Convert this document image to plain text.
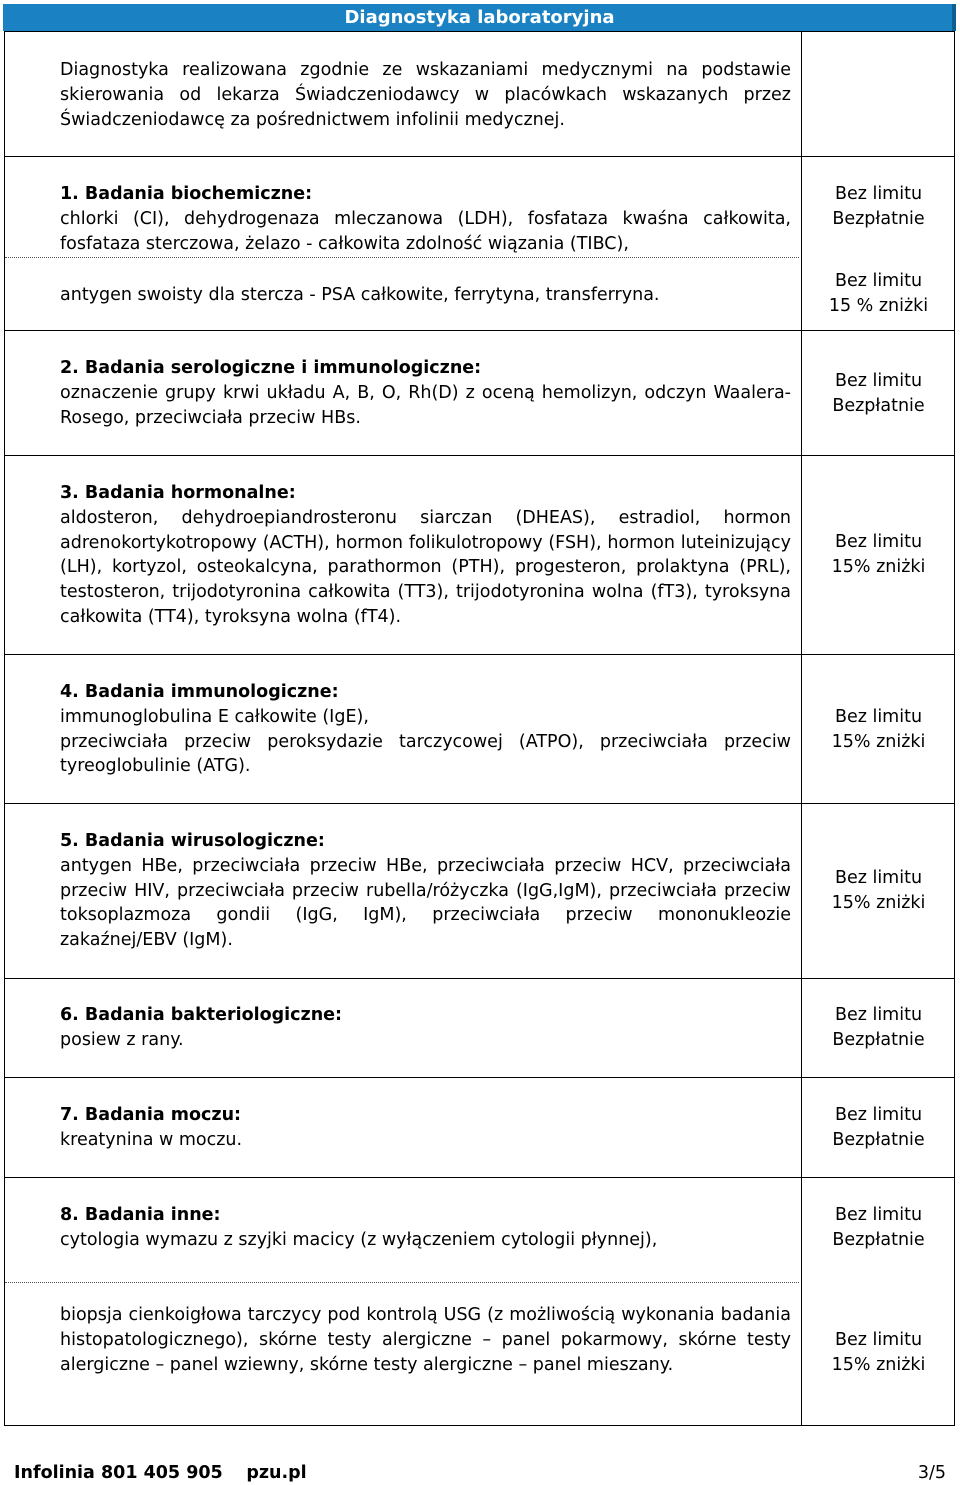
Diagnostyka laboratoryjna
Diagnostyka realizowana zgodnie ze wskazaniami medycznymi na podstawie skierowania od lekarza Świadczeniodawcy w placówkach wskazanych przez Świadczeniodawcę za pośrednictwem infolinii medycznej.
1. Badania biochemiczne:
chlorki (CI), dehydrogenaza mleczanowa (LDH), fosfataza kwaśna całkowita, fosfataza sterczowa, żelazo - całkowita zdolność wiązania (TIBC),
Bez limitu
Bezpłatnie
antygen swoisty dla stercza - PSA całkowite, ferrytyna, transferryna.
Bez limitu
15 % zniżki
2. Badania serologiczne i immunologiczne:
oznaczenie grupy krwi układu A, B, O, Rh(D) z oceną hemolizyn, odczyn Waalera-Rosego, przeciwciała przeciw HBs.
Bez limitu
Bezpłatnie
3. Badania hormonalne:
aldosteron, dehydroepiandrosteronu siarczan (DHEAS), estradiol, hormon adrenokortykotropowy (ACTH), hormon folikulotropowy (FSH), hormon luteinizujący (LH), kortyzol, osteokalcyna, parathormon (PTH), progesteron, prolaktyna (PRL), testosteron, trijodotyronina całkowita (TT3), trijodotyronina wolna (fT3), tyroksyna całkowita (TT4), tyroksyna wolna (fT4).
Bez limitu
15% zniżki
4. Badania immunologiczne:
immunoglobulina E całkowite (IgE),
przeciwciała przeciw peroksydazie tarczycowej (ATPO), przeciwciała przeciw tyreoglobulinie (ATG).
Bez limitu
15% zniżki
5. Badania wirusologiczne:
antygen HBe, przeciwciała przeciw HBe, przeciwciała przeciw HCV, przeciwciała przeciw HIV, przeciwciała przeciw rubella/różyczka (IgG,IgM), przeciwciała przeciw toksoplazmoza gondii (IgG, IgM), przeciwciała przeciw mononukleozie zakaźnej/EBV (IgM).
Bez limitu
15% zniżki
6. Badania bakteriologiczne:
posiew z rany.
Bez limitu
Bezpłatnie
7. Badania moczu:
kreatynina w moczu.
Bez limitu
Bezpłatnie
8. Badania inne:
cytologia wymazu z szyjki macicy (z wyłączeniem cytologii płynnej),
Bez limitu
Bezpłatnie
biopsja cienkoigłowa tarczycy pod kontrolą USG (z możliwością wykonania badania histopatologicznego), skórne testy alergiczne – panel pokarmowy, skórne testy alergiczne – panel wziewny, skórne testy alergiczne – panel mieszany.
Bez limitu
15% zniżki
Infolinia 801 405 905 pzu.pl	3/5
